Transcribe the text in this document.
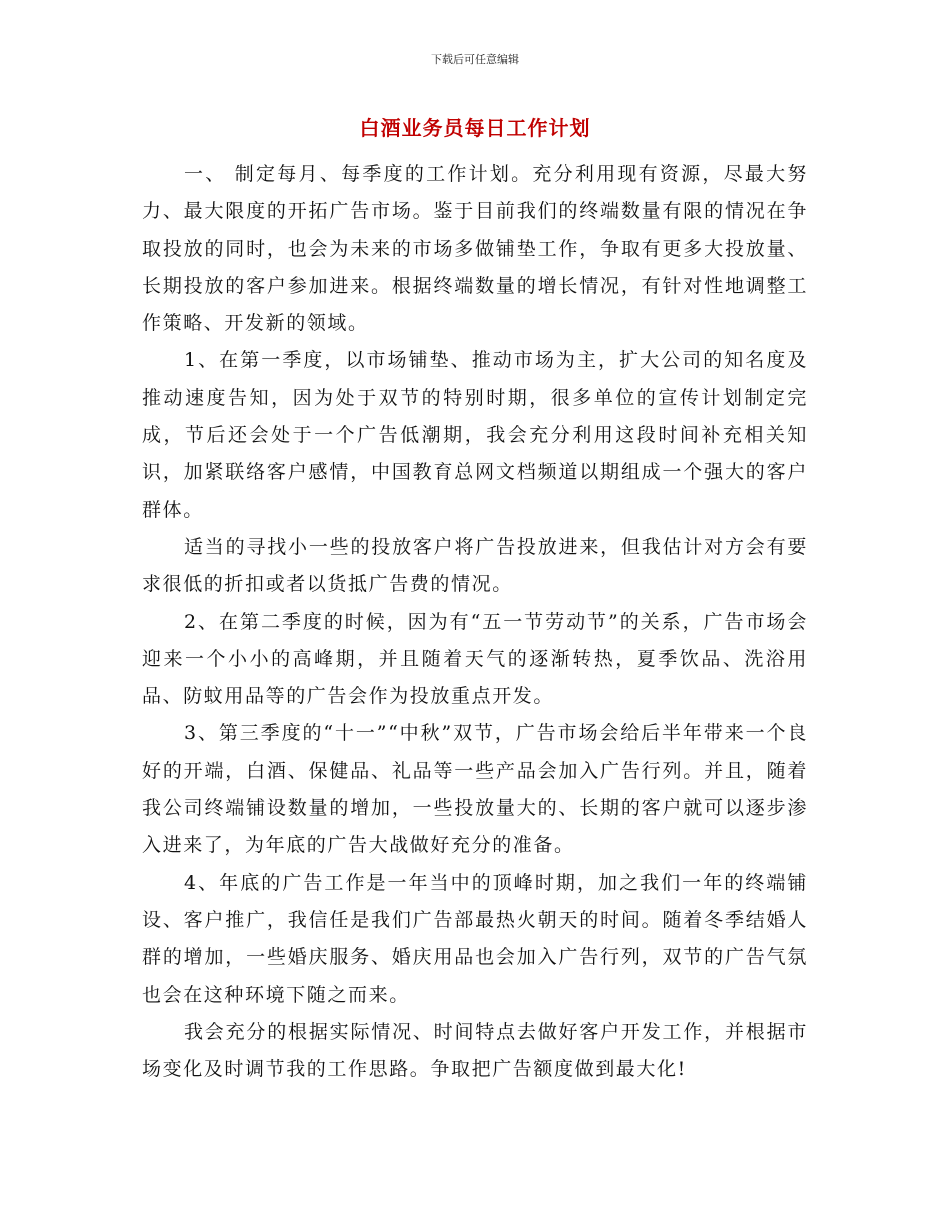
下载后可任意编辑
白酒业务员每日工作计划

一、 制定每月、每季度的工作计划。充分利用现有资源，尽最大努力、最大限度的开拓广告市场。鉴于目前我们的终端数量有限的情况在争取投放的同时，也会为未来的市场多做铺垫工作，争取有更多大投放量、长期投放的客户参加进来。根据终端数量的增长情况，有针对性地调整工作策略、开发新的领域。

1、在第一季度，以市场铺垫、推动市场为主，扩大公司的知名度及推动速度告知，因为处于双节的特别时期，很多单位的宣传计划制定完成，节后还会处于一个广告低潮期，我会充分利用这段时间补充相关知识，加紧联络客户感情，中国教育总网文档频道以期组成一个强大的客户群体。

适当的寻找小一些的投放客户将广告投放进来，但我估计对方会有要求很低的折扣或者以货抵广告费的情况。

2、在第二季度的时候，因为有“五一节劳动节”的关系，广告市场会迎来一个小小的高峰期，并且随着天气的逐渐转热，夏季饮品、洗浴用品、防蚊用品等的广告会作为投放重点开发。

3、第三季度的“十一”“中秋”双节，广告市场会给后半年带来一个良好的开端，白酒、保健品、礼品等一些产品会加入广告行列。并且，随着我公司终端铺设数量的增加，一些投放量大的、长期的客户就可以逐步渗入进来了，为年底的广告大战做好充分的准备。

4、年底的广告工作是一年当中的顶峰时期，加之我们一年的终端铺设、客户推广，我信任是我们广告部最热火朝天的时间。随着冬季结婚人群的增加，一些婚庆服务、婚庆用品也会加入广告行列，双节的广告气氛也会在这种环境下随之而来。

我会充分的根据实际情况、时间特点去做好客户开发工作，并根据市场变化及时调节我的工作思路。争取把广告额度做到最大化!
